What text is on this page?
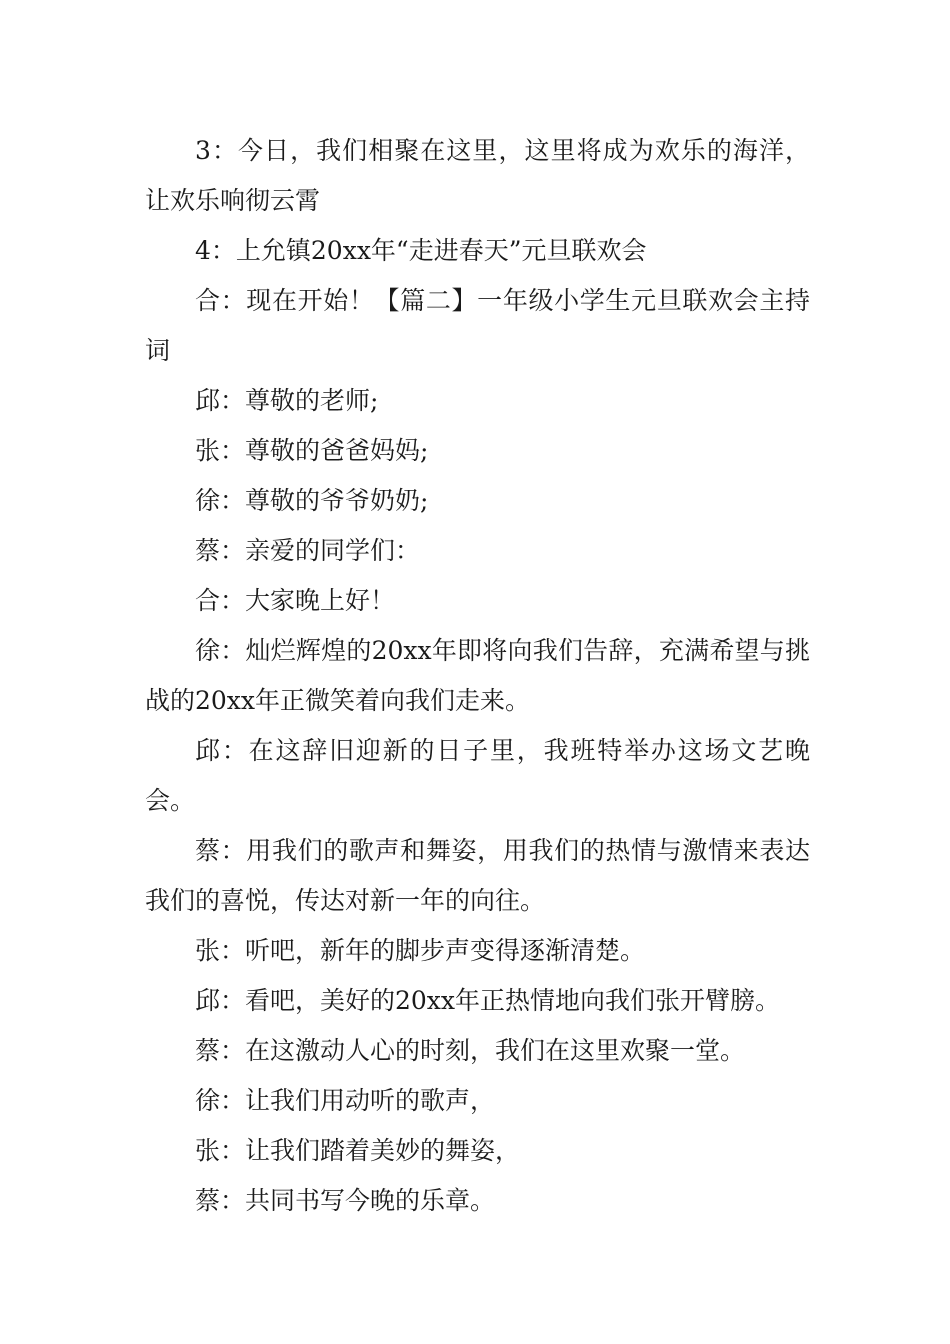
3：今日，我们相聚在这里，这里将成为欢乐的海洋，让欢乐响彻云霄

4：上允镇20xx年“走进春天”元旦联欢会

合：现在开始！【篇二】一年级小学生元旦联欢会主持词

邱：尊敬的老师;

张：尊敬的爸爸妈妈;

徐：尊敬的爷爷奶奶;

蔡：亲爱的同学们：

合：大家晚上好！

徐：灿烂辉煌的20xx年即将向我们告辞，充满希望与挑战的20xx年正微笑着向我们走来。

邱：在这辞旧迎新的日子里，我班特举办这场文艺晚会。

蔡：用我们的歌声和舞姿，用我们的热情与激情来表达我们的喜悦，传达对新一年的向往。

张：听吧，新年的脚步声变得逐渐清楚。

邱：看吧，美好的20xx年正热情地向我们张开臂膀。

蔡：在这激动人心的时刻，我们在这里欢聚一堂。

徐：让我们用动听的歌声，

张：让我们踏着美妙的舞姿，

蔡：共同书写今晚的乐章。
